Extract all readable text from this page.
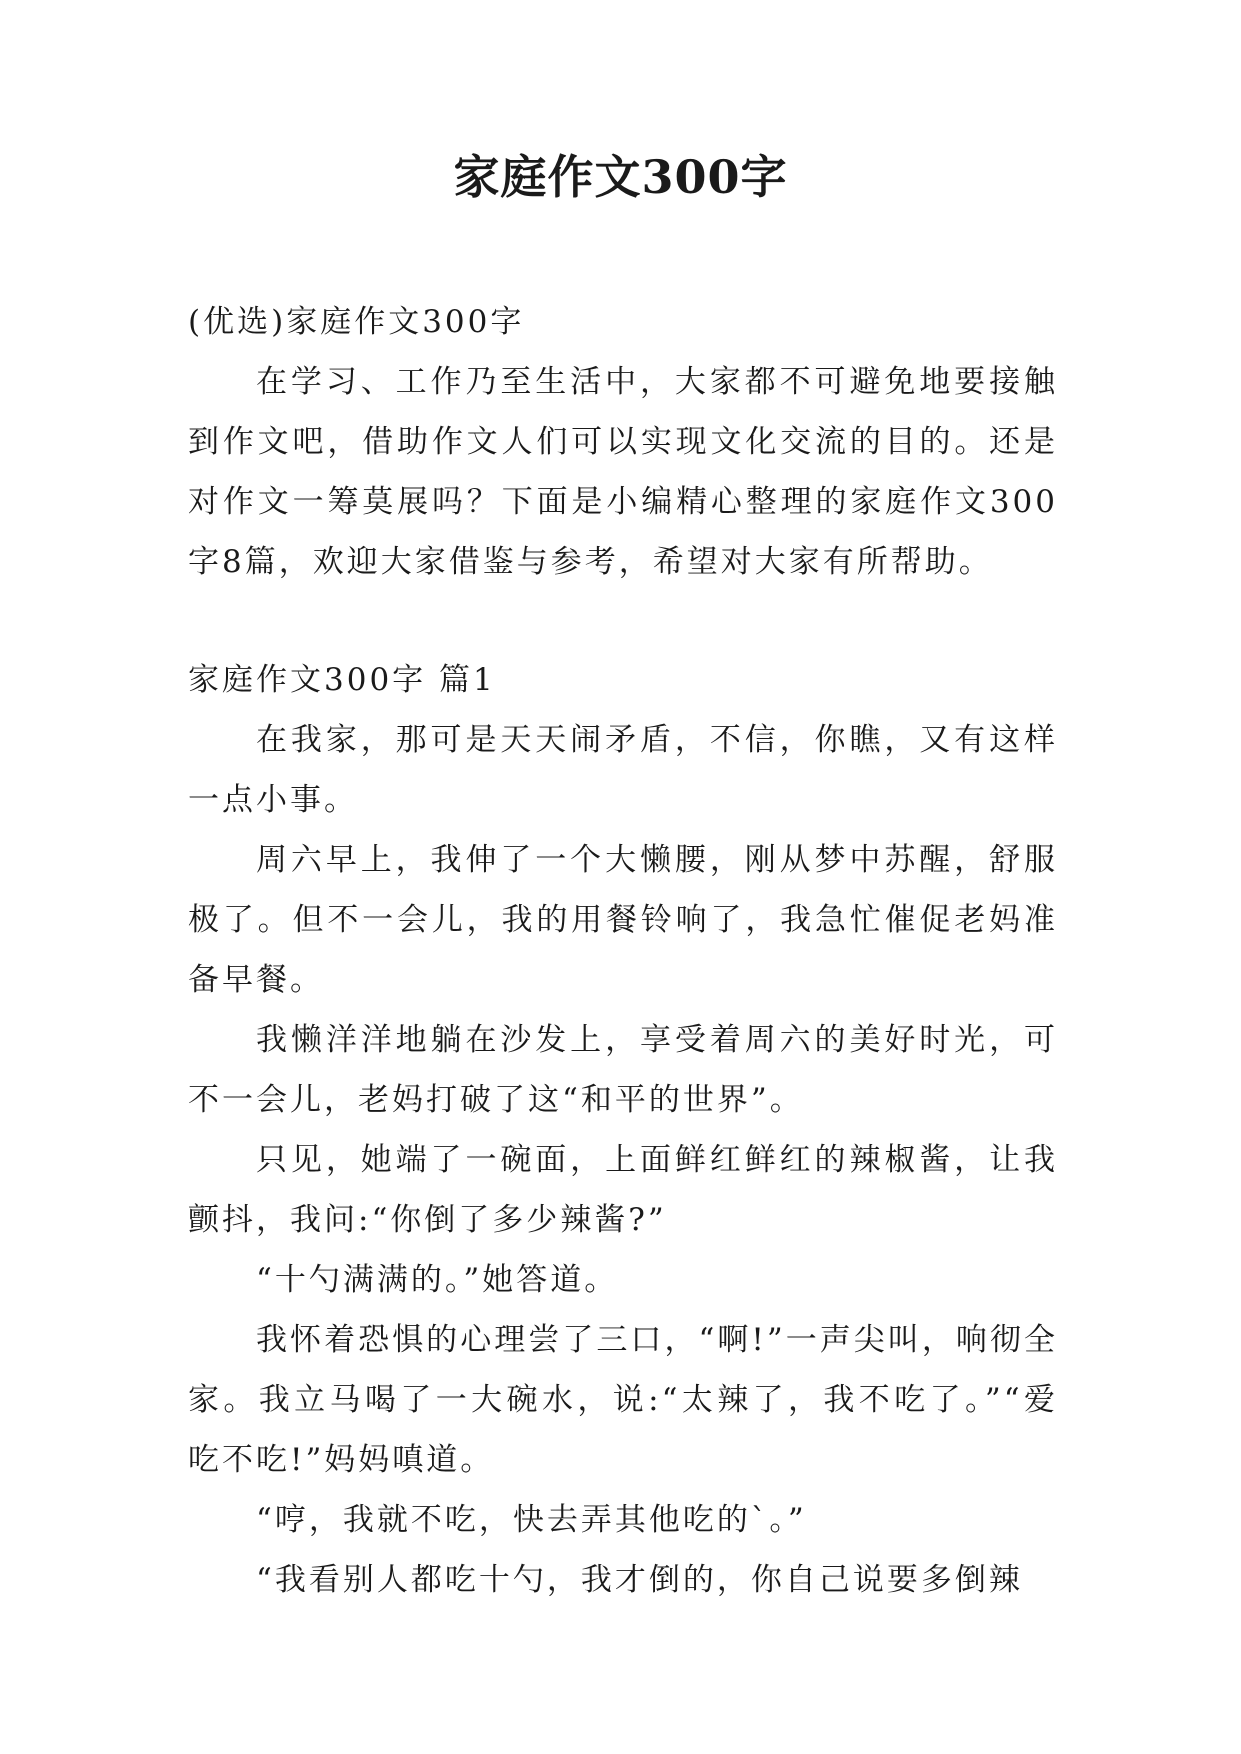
家庭作文300字

(优选)家庭作文300字

在学习、工作乃至生活中，大家都不可避免地要接触到作文吧，借助作文人们可以实现文化交流的目的。还是对作文一筹莫展吗？下面是小编精心整理的家庭作文300字8篇，欢迎大家借鉴与参考，希望对大家有所帮助。

家庭作文300字 篇1

在我家，那可是天天闹矛盾，不信，你瞧，又有这样一点小事。

周六早上，我伸了一个大懒腰，刚从梦中苏醒，舒服极了。但不一会儿，我的用餐铃响了，我急忙催促老妈准备早餐。

我懒洋洋地躺在沙发上，享受着周六的美好时光，可不一会儿，老妈打破了这“和平的世界”。

只见，她端了一碗面，上面鲜红鲜红的辣椒酱，让我颤抖，我问:“你倒了多少辣酱?”

“十勺满满的。”她答道。

我怀着恐惧的心理尝了三口，“啊!”一声尖叫，响彻全家。我立马喝了一大碗水，说:“太辣了，我不吃了。”“爱吃不吃!”妈妈嗔道。

“哼，我就不吃，快去弄其他吃的`。”

“我看别人都吃十勺，我才倒的，你自己说要多倒辣
